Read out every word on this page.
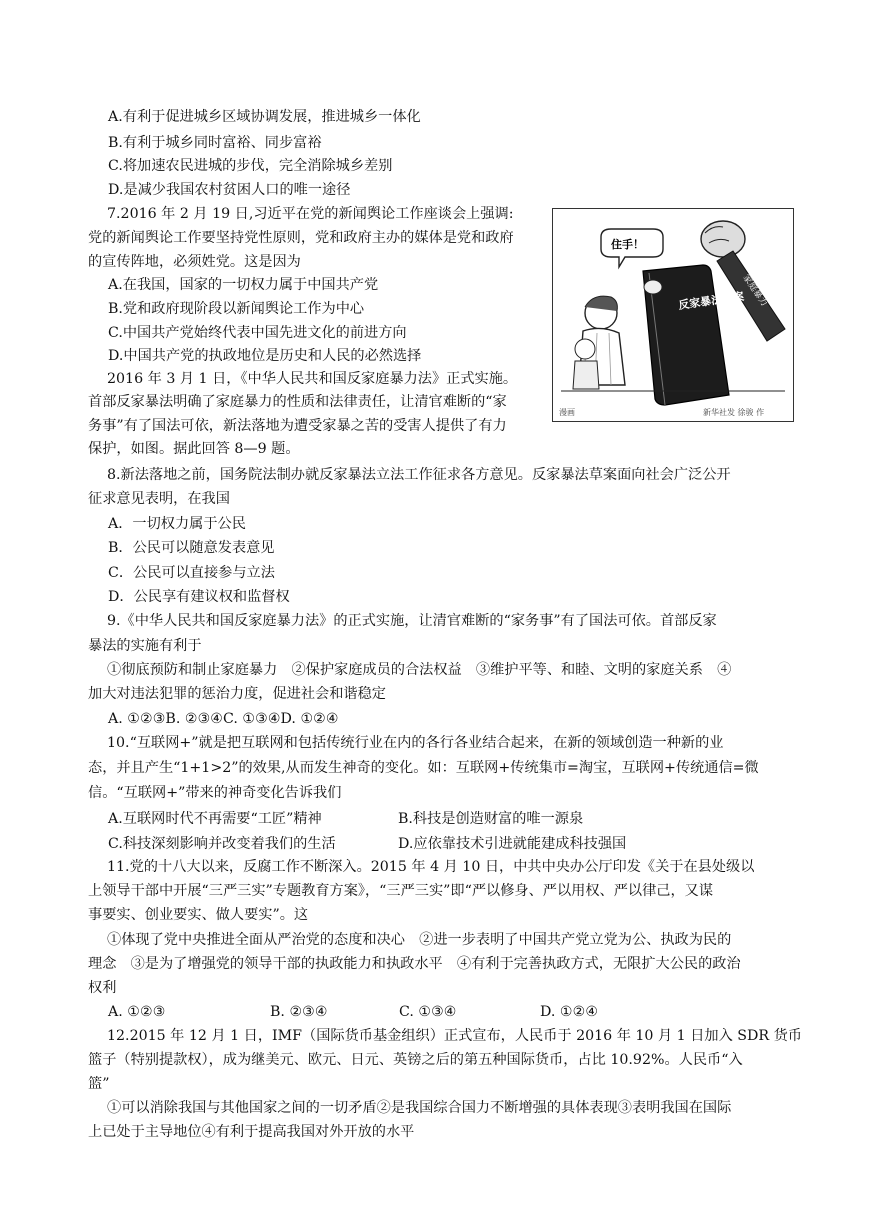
A.有利于促进城乡区域协调发展，推进城乡一体化
B.有利于城乡同时富裕、同步富裕
C.将加速农民进城的步伐，完全消除城乡差别
D.是减少我国农村贫困人口的唯一途径
7.2016 年 2 月 19 日,习近平在党的新闻舆论工作座谈会上强调:
党的新闻舆论工作要坚持党性原则，党和政府主办的媒体是党和政府
的宣传阵地，必须姓党。这是因为
A.在我国，国家的一切权力属于中国共产党
B.党和政府现阶段以新闻舆论工作为中心
C.中国共产党始终代表中国先进文化的前进方向
D.中国共产党的执政地位是历史和人民的必然选择
2016 年 3 月 1 日，《中华人民共和国反家庭暴力法》正式实施。
首部反家暴法明确了家庭暴力的性质和法律责任，让清官难断的“家
务事”有了国法可依，新法落地为遭受家暴之苦的受害人提供了有力
保护，如图。据此回答 8—9 题。
住手！
家庭暴力
反家暴法草案
漫画	新华社发 徐骏 作
8.新法落地之前，国务院法制办就反家暴法立法工作征求各方意见。反家暴法草案面向社会广泛公开
征求意见表明，在我国
A．一切权力属于公民
B．公民可以随意发表意见
C．公民可以直接参与立法
D．公民享有建议权和监督权
9.《中华人民共和国反家庭暴力法》的正式实施，让清官难断的“家务事”有了国法可依。首部反家
暴法的实施有利于
①彻底预防和制止家庭暴力　②保护家庭成员的合法权益　③维护平等、和睦、文明的家庭关系　④
加大对违法犯罪的惩治力度，促进社会和谐稳定
A. ①②③B. ②③④C. ①③④D. ①②④
10.“互联网+”就是把互联网和包括传统行业在内的各行各业结合起来，在新的领域创造一种新的业
态，并且产生“1+1>2”的效果,从而发生神奇的变化。如：互联网+传统集市=淘宝，互联网+传统通信=微
信。“互联网+”带来的神奇变化告诉我们
A.互联网时代不再需要“工匠”精神	B.科技是创造财富的唯一源泉
C.科技深刻影响并改变着我们的生活	D.应依靠技术引进就能建成科技强国
11.党的十八大以来，反腐工作不断深入。2015 年 4 月 10 日，中共中央办公厅印发《关于在县处级以
上领导干部中开展“三严三实”专题教育方案》，“三严三实”即“严以修身、严以用权、严以律己，又谋
事要实、创业要实、做人要实”。这
①体现了党中央推进全面从严治党的态度和决心　②进一步表明了中国共产党立党为公、执政为民的
理念　③是为了增强党的领导干部的执政能力和执政水平　④有利于完善执政方式，无限扩大公民的政治
权利
A. ①②③	B. ②③④	C. ①③④	D. ①②④
12.2015 年 12 月 1 日，IMF（国际货币基金组织）正式宣布，人民币于 2016 年 10 月 1 日加入 SDR 货币
篮子（特别提款权），成为继美元、欧元、日元、英镑之后的第五种国际货币，占比 10.92%。人民币“入
篮”
①可以消除我国与其他国家之间的一切矛盾②是我国综合国力不断增强的具体表现③表明我国在国际
上已处于主导地位④有利于提高我国对外开放的水平
